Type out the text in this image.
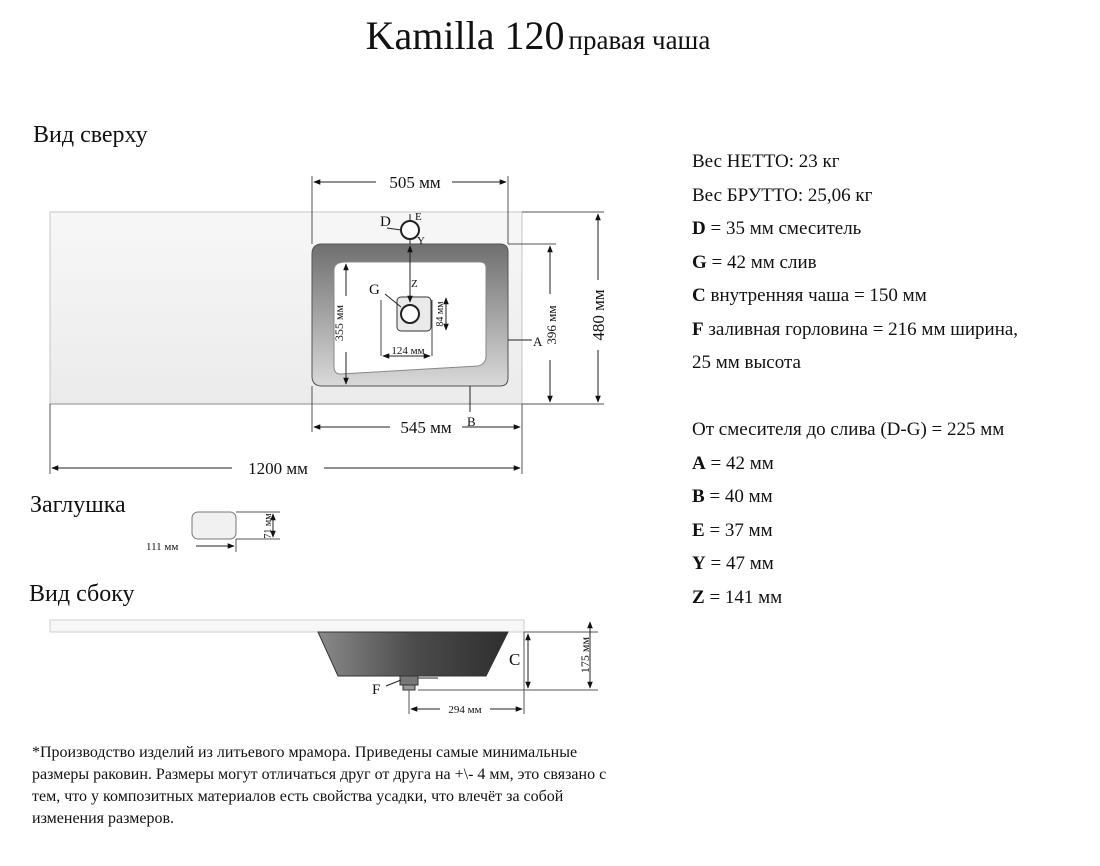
Kamilla 120 правая чаша
Вид сверху
Заглушка
Вид сбоку
505 мм
480 мм
396 мм
355 мм
545 мм
1200 мм
124 мм
84 мм
D E
Y
G	Z
A
B
111 мм
71 мм
294 мм
175 мм
C
F
Вес НЕТТО: 23 кг
Вес БРУТТО: 25,06 кг
D = 35 мм смеситель
G = 42 мм слив
C внутренняя чаша = 150 мм
F заливная горловина = 216 мм ширина,
25 мм высота

От смесителя до слива (D-G) = 225 мм
A = 42 мм
B = 40 мм
E = 37 мм
Y = 47 мм
Z = 141 мм
*Производство изделий из литьевого мрамора. Приведены самые минимальные размеры раковин. Размеры могут отличаться друг от друга на +\- 4 мм, это связано с тем, что у композитных материалов есть свойства усадки, что влечёт за собой изменения размеров.
